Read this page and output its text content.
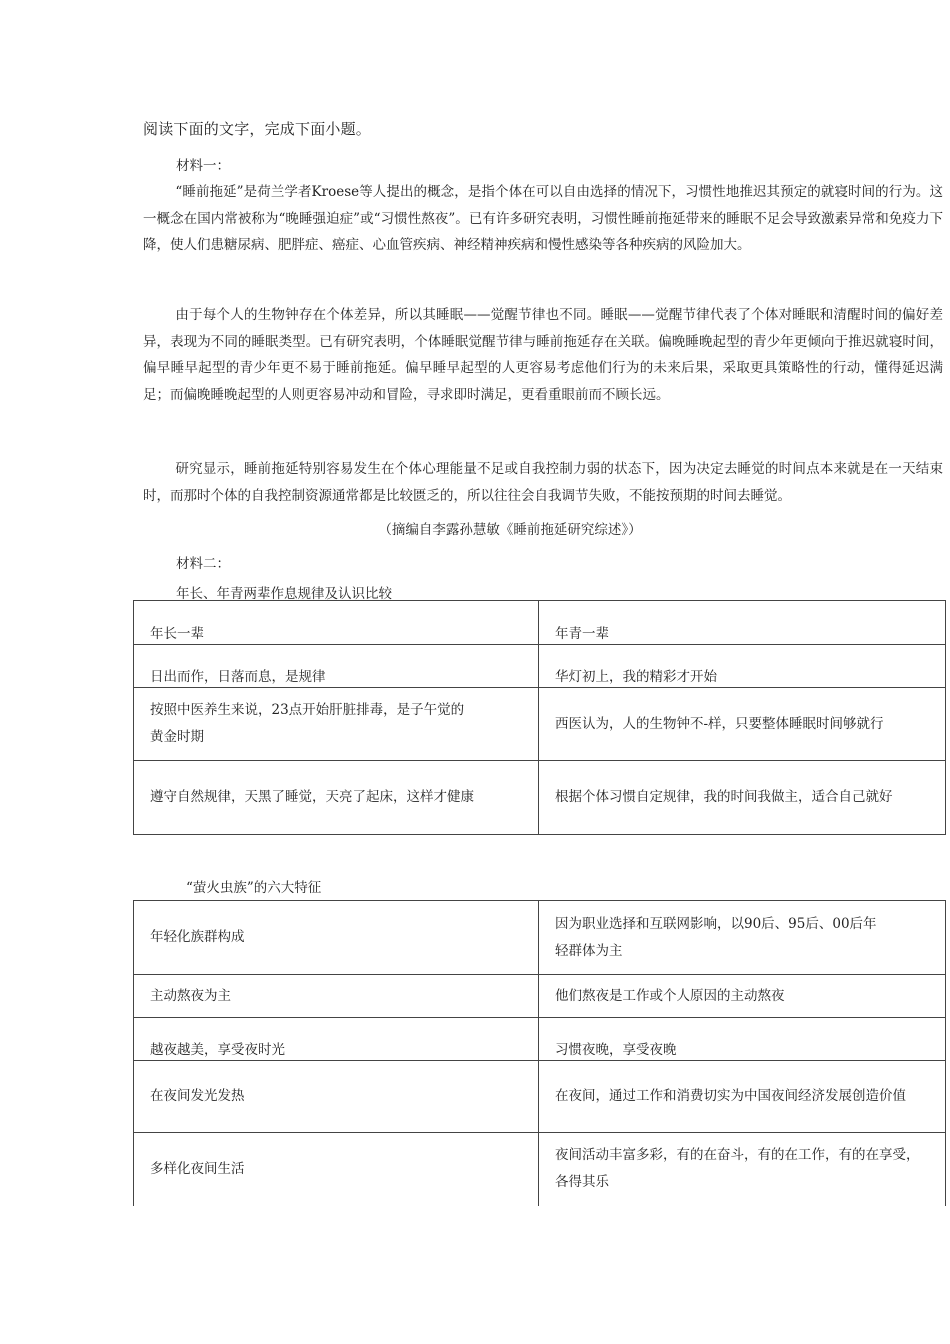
阅读下面的文字，完成下面小题。
材料一：

“睡前拖延”是荷兰学者Kroese等人提出的概念，是指个体在可以自由选择的情况下，习惯性地推迟其预定的就寝时间的行为。这一概念在国内常被称为“晚睡强迫症”或“习惯性熬夜”。已有许多研究表明，习惯性睡前拖延带来的睡眠不足会导致激素异常和免疫力下降，使人们患糖尿病、肥胖症、癌症、心血管疾病、神经精神疾病和慢性感染等各种疾病的风险加大。

由于每个人的生物钟存在个体差异，所以其睡眠——觉醒节律也不同。睡眠——觉醒节律代表了个体对睡眠和清醒时间的偏好差异，表现为不同的睡眠类型。已有研究表明，个体睡眠觉醒节律与睡前拖延存在关联。偏晚睡晚起型的青少年更倾向于推迟就寝时间，偏早睡早起型的青少年更不易于睡前拖延。偏早睡早起型的人更容易考虑他们行为的未来后果，采取更具策略性的行动，懂得延迟满足；而偏晚睡晚起型的人则更容易冲动和冒险，寻求即时满足，更看重眼前而不顾长远。

研究显示，睡前拖延特别容易发生在个体心理能量不足或自我控制力弱的状态下，因为决定去睡觉的时间点本来就是在一天结束时，而那时个体的自我控制资源通常都是比较匮乏的，所以往往会自我调节失败，不能按预期的时间去睡觉。

（摘编自李露孙慧敏《睡前拖延研究综述》）
材料二：
年长、年青两辈作息规律及认识比较
年长一辈	年青一辈
日出而作，日落而息，是规律	华灯初上，我的精彩才开始
按照中医养生来说，23点开始肝脏排毒，是子午觉的黄金时期	西医认为，人的生物钟不-样，只要整体睡眠时间够就行
遵守自然规律，天黑了睡觉，天亮了起床，这样才健康	根据个体习惯自定规律，我的时间我做主，适合自己就好
“萤火虫族”的六大特征
年轻化族群构成	因为职业选择和互联网影响，以90后、95后、00后年轻群体为主
主动熬夜为主	他们熬夜是工作或个人原因的主动熬夜
越夜越美，享受夜时光	习惯夜晚，享受夜晚
在夜间发光发热	在夜间，通过工作和消费切实为中国夜间经济发展创造价值
多样化夜间生活	夜间活动丰富多彩，有的在奋斗，有的在工作，有的在享受，各得其乐
